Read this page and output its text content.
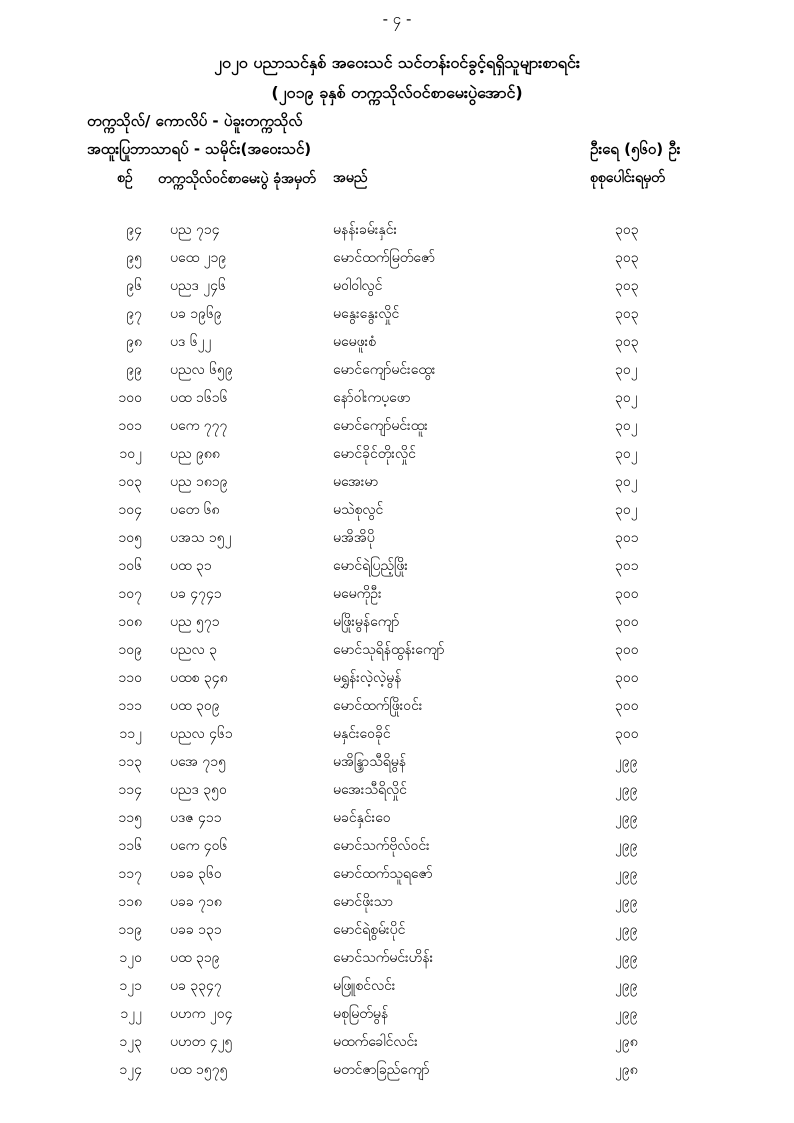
- ၄ -
၂၀၂၀ ပညာသင်နှစ် အဝေးသင် သင်တန်းဝင်ခွင့်ရရှိသူများစာရင်း
(၂၀၁၉ ခုနှစ် တက္ကသိုလ်ဝင်စာမေးပွဲအောင်)
တက္ကသိုလ်/ ကောလိပ် - ပဲခူးတက္ကသိုလ်
အထူးပြုဘာသာရပ် - သမိုင်း(အဝေးသင်)	ဦးရေ (၅၆၀) ဦး
စဉ် တက္ကသိုလ်ဝင်စာမေးပွဲ ခုံအမှတ်	အမည်	စုစုပေါင်းရမှတ်
၉၄ ပည ၇၁၄	မနန်းခမ်းနှင်း	၃၀၃
၉၅ ပထေ ၂၁၉	မောင်ထက်မြတ်ဇော်	၃၀၃
၉၆ ပညဒ ၂၄၆	မဝါဝါလွင်	၃၀၃
၉၇ ပခ ၁၉၆၉	မနွေးနွေးလှိုင်	၃၀၃
၉၈ ပဒ ၆၂၂	မမေဖူးစံ	၃၀၃
၉၉ ပညလ ၆၅၉	မောင်ကျော်မင်းထွေး	၃၀၂
၁၀၀ ပထ ၁၆၁၆	နော်ဝါးကပ့ဖော	၃၀၂
၁၀၁ ပကေ ၇၇၇	မောင်ကျော်မင်းထူး	၃၀၂
၁၀၂ ပည ၉၈၈	မောင်ခိုင်တိုးလှိုင်	၃၀၂
၁၀၃ ပည ၁၈၁၉	မအေးမာ	၃၀၂
၁၀၄ ပတေ ၆၈	မသဲစုလွင်	၃၀၂
၁၀၅ ပအသ ၁၅၂	မအိအိပို	၃၀၁
၁၀၆ ပထ ၃၁	မောင်ရဲပြည့်ဖြိုး	၃၀၁
၁၀၇ ပခ ၄၇၄၁	မမေကိုဦး	၃၀၀
၁၀၈ ပည ၅၇၁	မဖြိုးမွန်ကျော်	၃၀၀
၁၀၉ ပညလ ၃	မောင်သုရိန်ထွန်းကျော်	၃၀၀
၁၁၀ ပထစ ၃၄၈	မရွှန်းလဲ့လဲ့မွန်	၃၀၀
၁၁၁ ပထ ၃၀၉	မောင်ထက်ဖြိုးဝင်း	၃၀၀
၁၁၂ ပညလ ၄၆၁	မနှင်းဝေခိုင်	၃၀၀
၁၁၃ ပအေ ၇၁၅	မအိန္ဒြာသီရိမွန်	၂၉၉
၁၁၄ ပညဒ ၃၅၀	မအေးသီရိလှိုင်	၂၉၉
၁၁၅ ပဒဇ ၄၁၁	မခင်နှင်းဝေ	၂၉၉
၁၁၆ ပကေ ၄၀၆	မောင်သက်ဗိုလ်ဝင်း	၂၉၉
၁၁၇ ပခခ ၃၆၀	မောင်ထက်သူရဇော်	၂၉၉
၁၁၈ ပခခ ၇၁၈	မောင်ဖိုးသာ	၂၉၉
၁၁၉ ပခခ ၁၃၁	မောင်ရဲစွမ်းပိုင်	၂၉၉
၁၂၀ ပထ ၃၁၉	မောင်သက်မင်းဟိန်း	၂၉၉
၁၂၁ ပခ ၃၃၄၇	မဖြူစင်လင်း	၂၉၉
၁၂၂ ပဟက ၂၀၄	မစုမြတ်မွန်	၂၉၉
၁၂၃ ပဟတ ၄၂၅	မထက်ခေါင်လင်း	၂၉၈
၁၂၄ ပထ ၁၅၇၅	မတင်ဇာခြည်ကျော်	၂၉၈
